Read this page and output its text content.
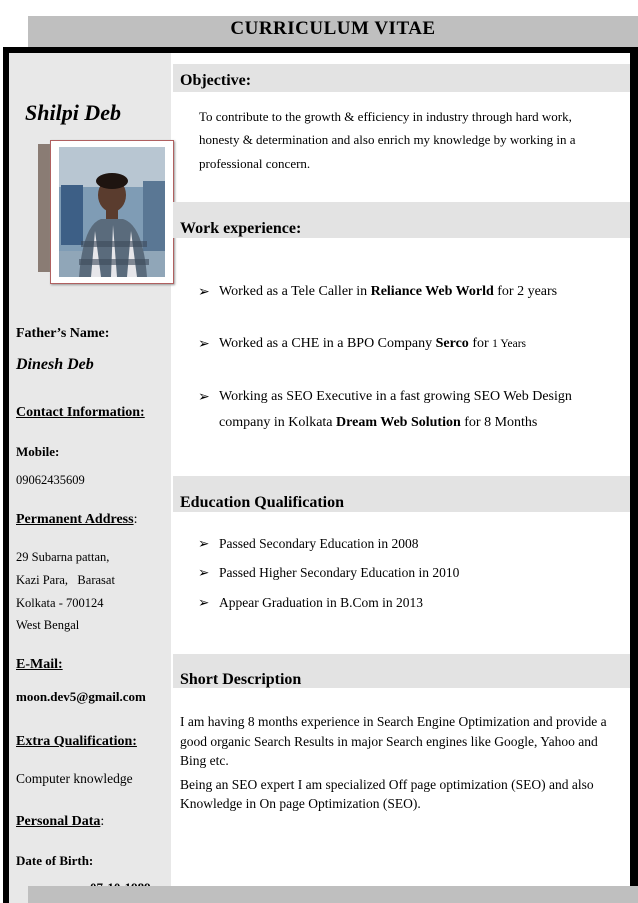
CURRICULUM VITAE
Shilpi Deb
Father’s Name:
Dinesh Deb
Contact Information:
Mobile:
09062435609
Permanent Address:
29 Subarna pattan,
Kazi Para,   Barasat
Kolkata - 700124
West Bengal
E-Mail:
moon.dev5@gmail.com
Extra Qualification:
Computer knowledge
Personal Data:
Date of Birth:
Objective:
To contribute to the growth & efficiency in industry through hard work,
honesty & determination and also enrich my knowledge by working in a
professional concern.
Work experience:
➢ Worked as a Tele Caller in Reliance Web World for 2 years
➢ Worked as a CHE in a BPO Company Serco for 1 Years
➢ Working as SEO Executive in a fast growing SEO Web Design
company in Kolkata Dream Web Solution for 8 Months
Education Qualification
➢ Passed Secondary Education in 2008
➢ Passed Higher Secondary Education in 2010
➢ Appear Graduation in B.Com in 2013
Short Description
I am having 8 months experience in Search Engine Optimization and provide a
good organic Search Results in major Search engines like Google, Yahoo and
Bing etc.
Being an SEO expert I am specialized Off page optimization (SEO) and also
Knowledge in On page Optimization (SEO).
